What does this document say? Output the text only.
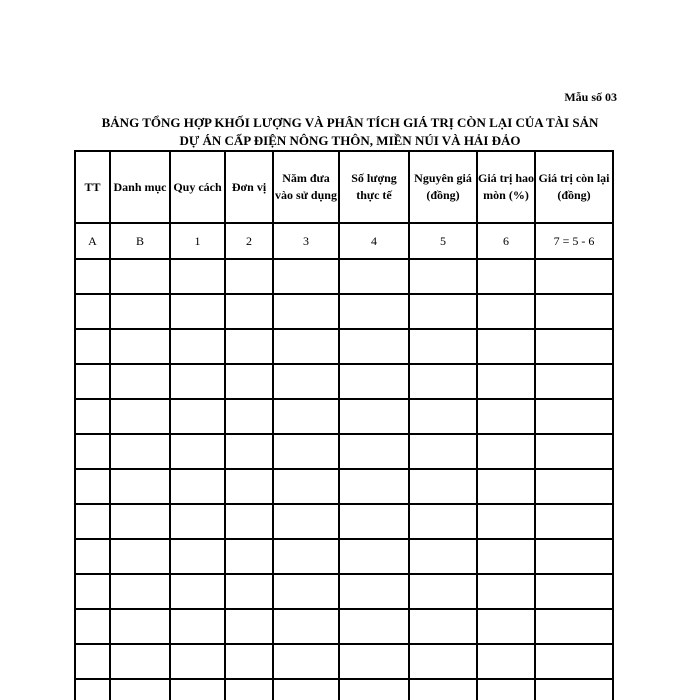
Mẫu số 03
BẢNG TỔNG HỢP KHỐI LƯỢNG VÀ PHÂN TÍCH GIÁ TRỊ CÒN LẠI CỦA TÀI SẢN
DỰ ÁN CẤP ĐIỆN NÔNG THÔN, MIỀN NÚI VÀ HẢI ĐẢO
TT	Danh mục	Quy cách	Đơn vị	Năm đưa vào sử dụng	Số lượng thực tế	Nguyên giá (đồng)	Giá trị hao mòn (%)	Giá trị còn lại (đồng)
A	B	1	2	3	4	5	6	7 = 5 - 6
